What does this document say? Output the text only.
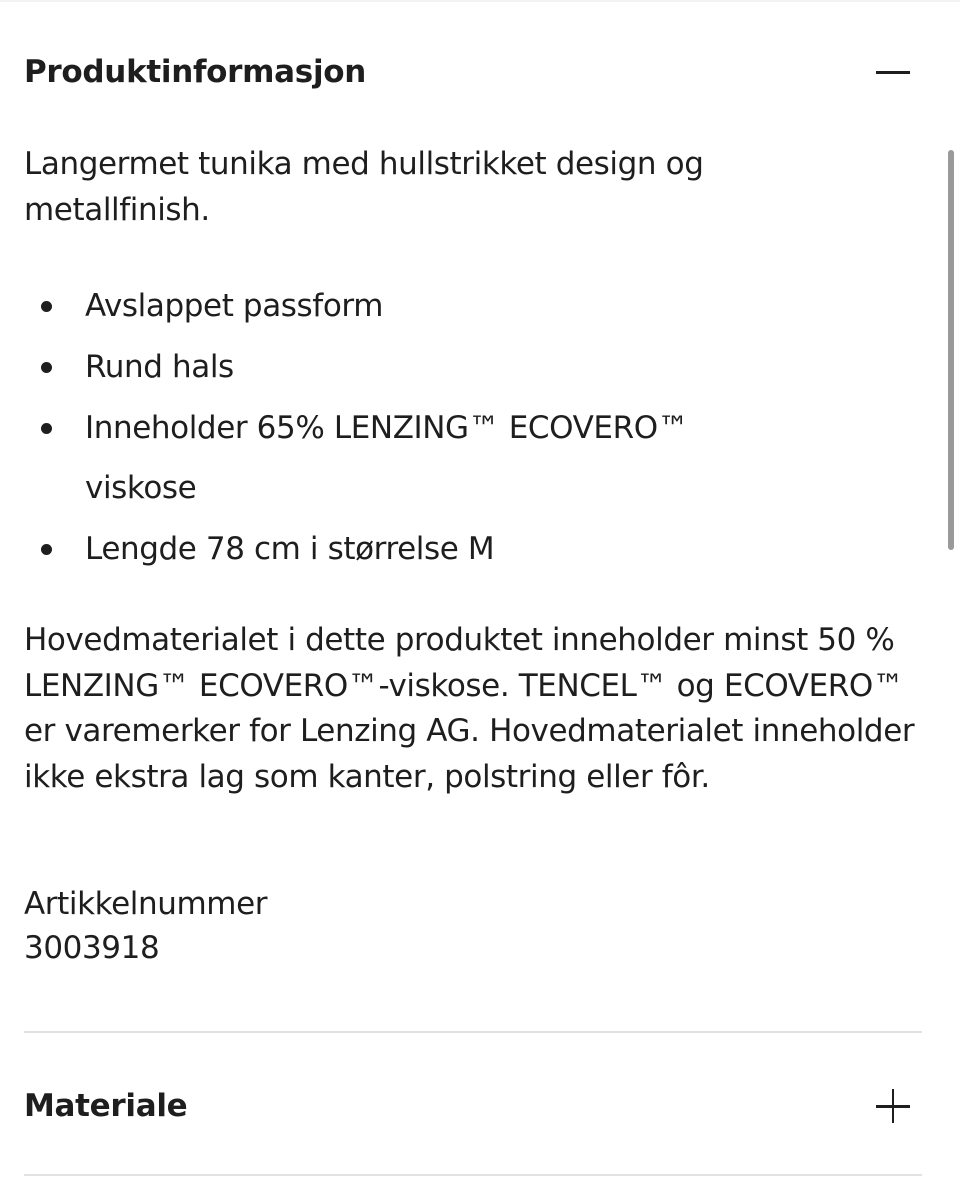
Produktinformasjon
Langermet tunika med hullstrikket design og metallfinish.
Avslappet passform
Rund hals
Inneholder 65% LENZING™ ECOVERO™ viskose
Lengde 78 cm i størrelse M
Hovedmaterialet i dette produktet inneholder minst 50 % LENZING™ ECOVERO™-viskose. TENCEL™ og ECOVERO™ er varemerker for Lenzing AG. Hovedmaterialet inneholder ikke ekstra lag som kanter, polstring eller fôr.
Artikkelnummer
3003918
Materiale
